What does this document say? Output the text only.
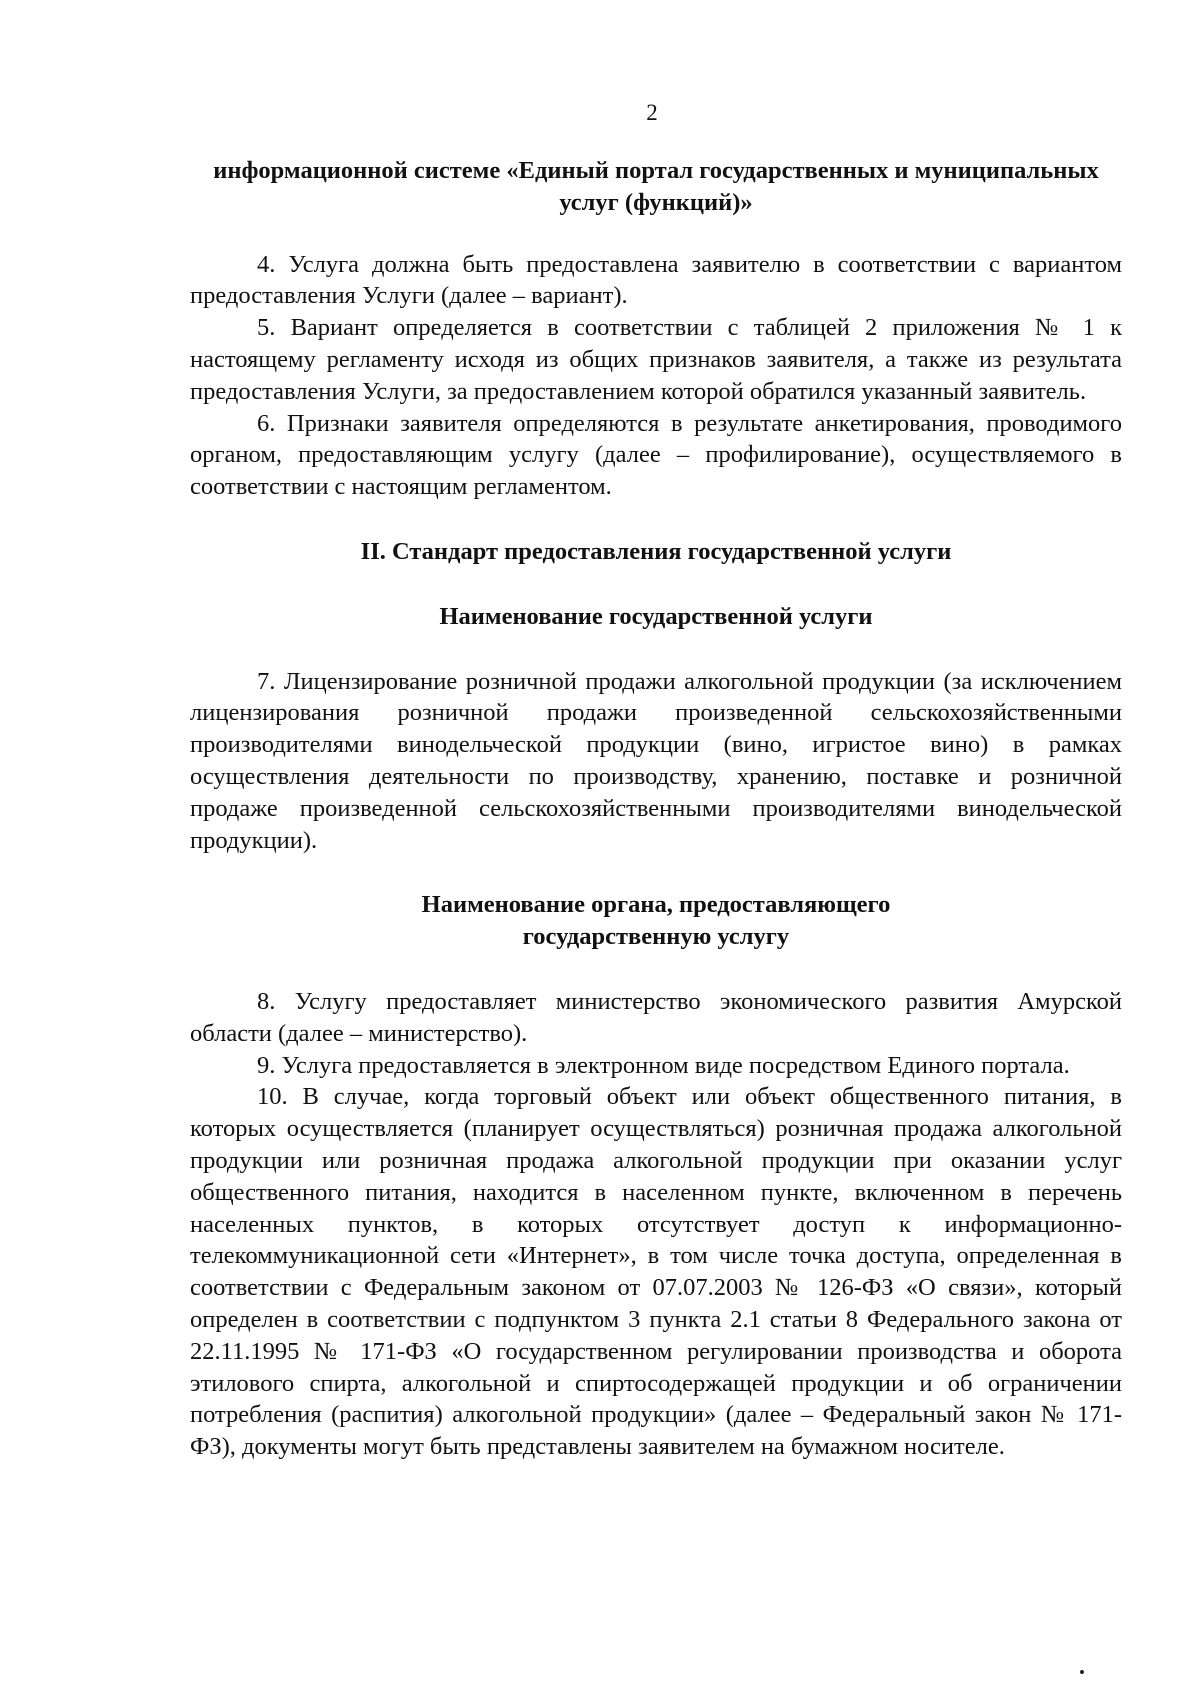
2

информационной системе «Единый портал государственных и муниципальных услуг (функций)»

4. Услуга должна быть предоставлена заявителю в соответствии с вариантом предоставления Услуги (далее – вариант).

5. Вариант определяется в соответствии с таблицей 2 приложения № 1 к настоящему регламенту исходя из общих признаков заявителя, а также из результата предоставления Услуги, за предоставлением которой обратился указанный заявитель.

6. Признаки заявителя определяются в результате анкетирования, проводимого органом, предоставляющим услугу (далее – профилирование), осуществляемого в соответствии с настоящим регламентом.

II. Стандарт предоставления государственной услуги

Наименование государственной услуги

7. Лицензирование розничной продажи алкогольной продукции (за исключением лицензирования розничной продажи произведенной сельскохозяйственными производителями винодельческой продукции (вино, игристое вино) в рамках осуществления деятельности по производству, хранению, поставке и розничной продаже произведенной сельскохозяйственными производителями винодельческой продукции).

Наименование органа, предоставляющего государственную услугу

8. Услугу предоставляет министерство экономического развития Амурской области (далее – министерство).

9. Услуга предоставляется в электронном виде посредством Единого портала.

10. В случае, когда торговый объект или объект общественного питания, в которых осуществляется (планирует осуществляться) розничная продажа алкогольной продукции или розничная продажа алкогольной продукции при оказании услуг общественного питания, находится в населенном пункте, включенном в перечень населенных пунктов, в которых отсутствует доступ к информационно-телекоммуникационной сети «Интернет», в том числе точка доступа, определенная в соответствии с Федеральным законом от 07.07.2003 № 126-ФЗ «О связи», который определен в соответствии с подпунктом 3 пункта 2.1 статьи 8 Федерального закона от 22.11.1995 № 171-ФЗ «О государственном регулировании производства и оборота этилового спирта, алкогольной и спиртосодержащей продукции и об ограничении потребления (распития) алкогольной продукции» (далее – Федеральный закон № 171-ФЗ), документы могут быть представлены заявителем на бумажном носителе.
